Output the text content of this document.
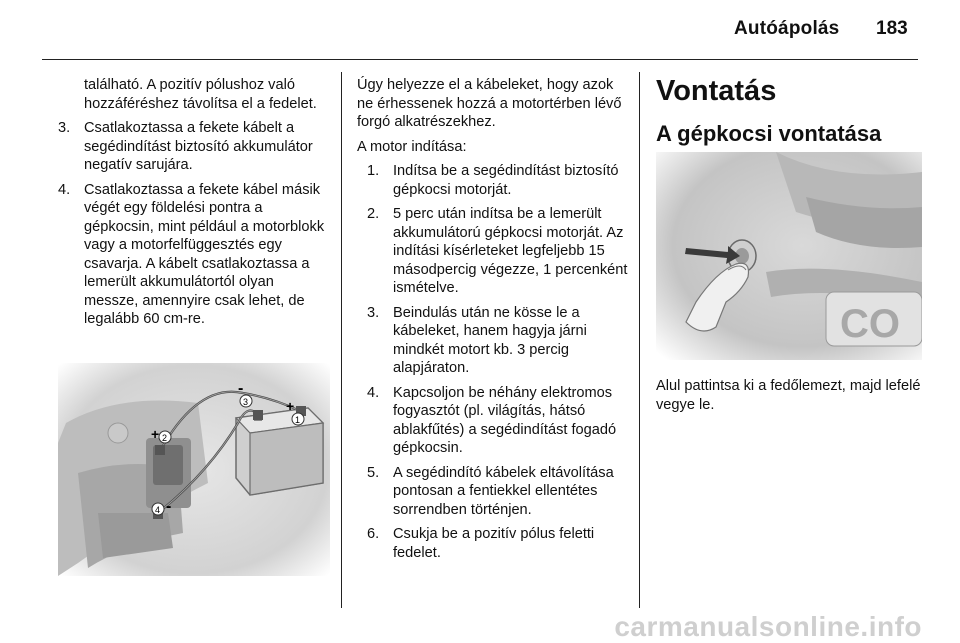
Autóápolás 183
található. A pozitív pólushoz való hozzáféréshez távolítsa el a fedelet.
3. Csatlakoztassa a fekete kábelt a segédindítást biztosító akkumulátor negatív sarujára.
4. Csatlakoztassa a fekete kábel másik végét egy földelési pontra a gépkocsin, mint például a motorblokk vagy a motorfelfüggesztés egy csavarja. A kábelt csatlakoztassa a lemerült akkumulátortól olyan messze, amennyire csak lehet, de legalább 60 cm-re.
+ 2
-
3	+
1
4 -

Úgy helyezze el a kábeleket, hogy azok ne érhessenek hozzá a motortérben lévő forgó alkatrészekhez.

A motor indítása:

1. Indítsa be a segédindítást biztosító gépkocsi motorját.
2. 5 perc után indítsa be a lemerült akkumulátorú gépkocsi motorját. Az indítási kísérleteket legfeljebb 15 másodpercig végezze, 1 percenként ismételve.
3. Beindulás után ne kösse le a kábeleket, hanem hagyja járni mindkét motort kb. 3 percig alapjáraton.
4. Kapcsoljon be néhány elektromos fogyasztót (pl. világítás, hátsó ablakfűtés) a segédindítást fogadó gépkocsin.
5. A segédindító kábelek eltávolítása pontosan a fentiekkel ellentétes sorrendben történjen.
6. Csukja be a pozitív pólus feletti fedelet.
Vontatás
A gépkocsi vontatása
CO
Alul pattintsa ki a fedőlemezt, majd lefelé vegye le.
carmanualsonline.info
